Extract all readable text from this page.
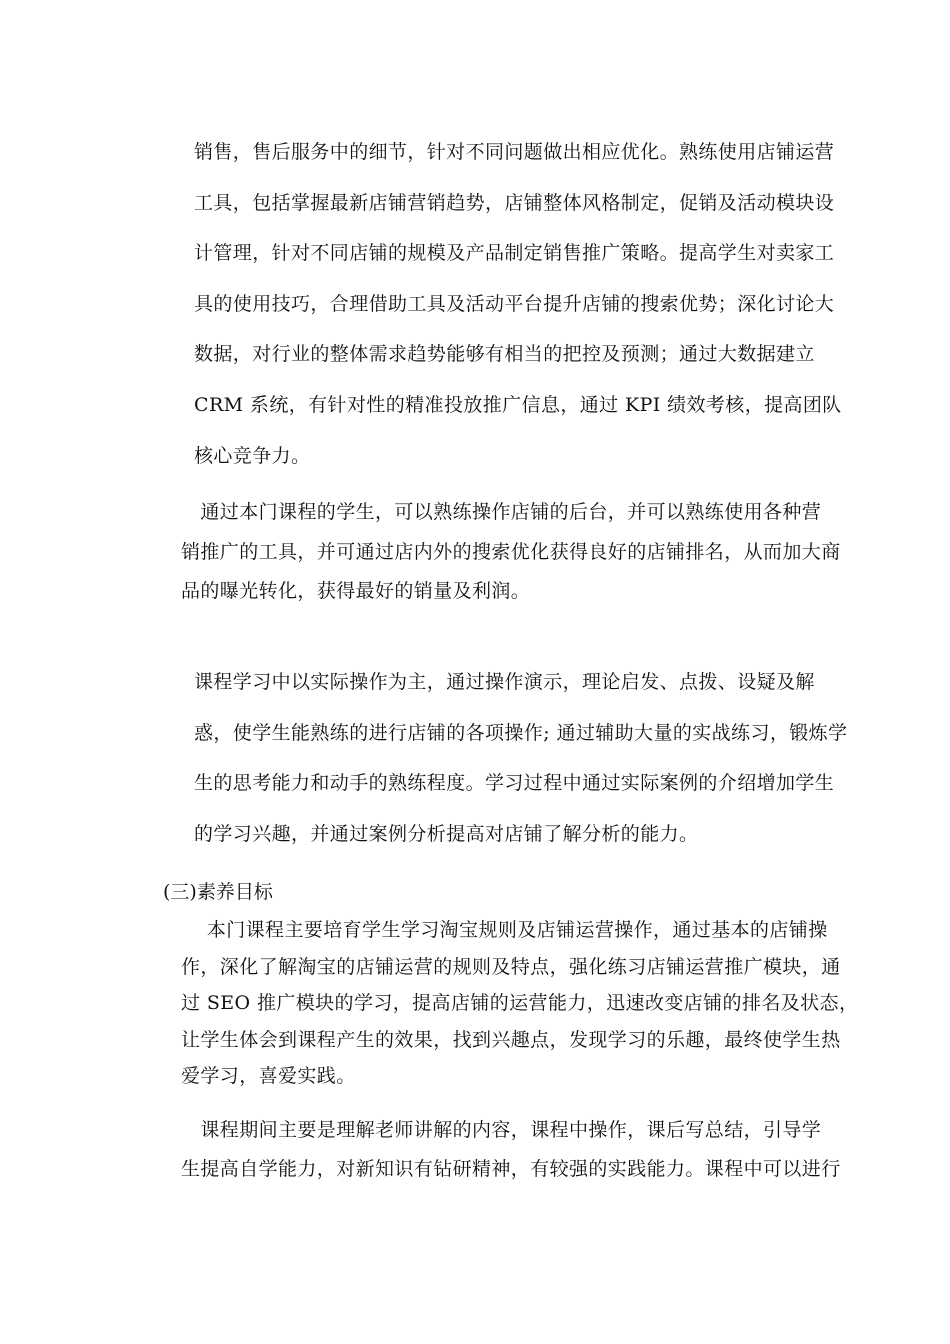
销售，售后服务中的细节，针对不同问题做出相应优化。熟练使用店铺运营
工具，包括掌握最新店铺营销趋势，店铺整体风格制定，促销及活动模块设
计管理，针对不同店铺的规模及产品制定销售推广策略。提高学生对卖家工
具的使用技巧，合理借助工具及活动平台提升店铺的搜索优势；深化讨论大
数据，对行业的整体需求趋势能够有相当的把控及预测；通过大数据建立
CRM 系统，有针对性的精准投放推广信息，通过 KPI 绩效考核，提高团队
核心竞争力。
　通过本门课程的学生，可以熟练操作店铺的后台，并可以熟练使用各种营
销推广的工具，并可通过店内外的搜索优化获得良好的店铺排名，从而加大商
品的曝光转化，获得最好的销量及利润。
课程学习中以实际操作为主，通过操作演示，理论启发、点拨、设疑及解
惑，使学生能熟练的进行店铺的各项操作; 通过辅助大量的实战练习，锻炼学
生的思考能力和动手的熟练程度。学习过程中通过实际案例的介绍增加学生
的学习兴趣，并通过案例分析提高对店铺了解分析的能力。
(三)素养目标
　 本门课程主要培育学生学习淘宝规则及店铺运营操作，通过基本的店铺操
作，深化了解淘宝的店铺运营的规则及特点，强化练习店铺运营推广模块，通
过 SEO 推广模块的学习，提高店铺的运营能力，迅速改变店铺的排名及状态，
让学生体会到课程产生的效果，找到兴趣点，发现学习的乐趣，最终使学生热
爱学习，喜爱实践。
　课程期间主要是理解老师讲解的内容，课程中操作，课后写总结，引导学
生提高自学能力，对新知识有钻研精神，有较强的实践能力。课程中可以进行
